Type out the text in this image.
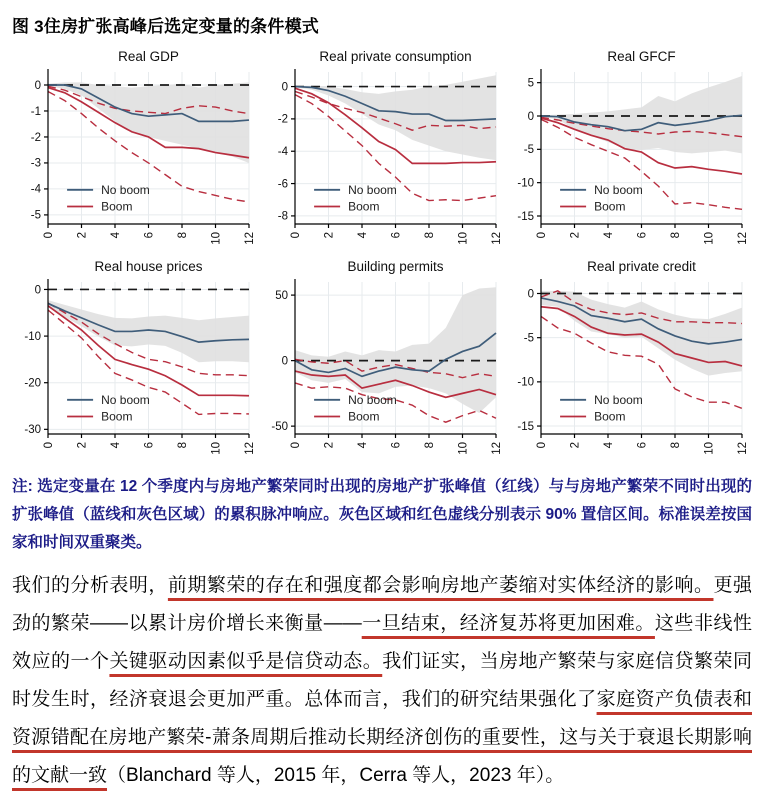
图 3住房扩张高峰后选定变量的条件模式
0
-1
-2
-3
-4
-5
0 2 4 6 8 10 12
Real GDP
No boom
Boom
0
-2
-4
-6
-8
0 2 4 6 8 10 12
Real private consumption
No boom
Boom
5
0
-5
-10
-15
0 2 4 6 8 10 12
Real GFCF
No boom
Boom
0
-10
-20
-30
0 2 4 6 8 10 12
Real house prices
No boom
Boom
50
0
-50
0 2 4 6 8 10 12
Building permits
No boom
Boom
0
-5
-10
-15
0 2 4 6 8 10 12
Real private credit
No boom
Boom

注: 选定变量在 12 个季度内与房地产繁荣同时出现的房地产扩张峰值（红线）与与房地产繁荣不同时出现的扩张峰值（蓝线和灰色区域）的累积脉冲响应。灰色区域和红色虚线分别表示 90% 置信区间。标准误差按国家和时间双重聚类。

我们的分析表明，前期繁荣的存在和强度都会影响房地产萎缩对实体经济的影响。更强劲的繁荣——以累计房价增长来衡量——一旦结束，经济复苏将更加困难。这些非线性效应的一个关键驱动因素似乎是信贷动态。我们证实，当房地产繁荣与家庭信贷繁荣同时发生时，经济衰退会更加严重。总体而言，我们的研究结果强化了家庭资产负债表和资源错配在房地产繁荣-萧条周期后推动长期经济创伤的重要性，这与关于衰退长期影响的文献一致（Blanchard 等人，2015 年，Cerra 等人，2023 年）。
